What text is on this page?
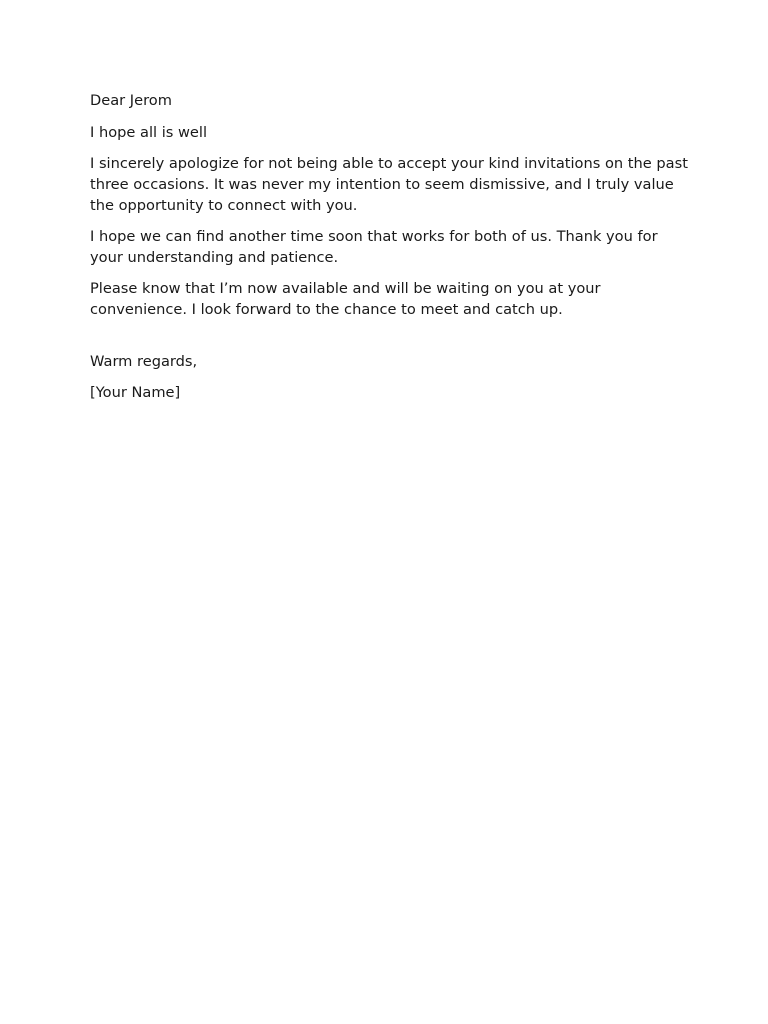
Dear Jerom

I hope all is well

I sincerely apologize for not being able to accept your kind invitations on the past three occasions. It was never my intention to seem dismissive, and I truly value the opportunity to connect with you.

I hope we can find another time soon that works for both of us. Thank you for your understanding and patience.

Please know that I’m now available and will be waiting on you at your convenience. I look forward to the chance to meet and catch up.

Warm regards,

[Your Name]
